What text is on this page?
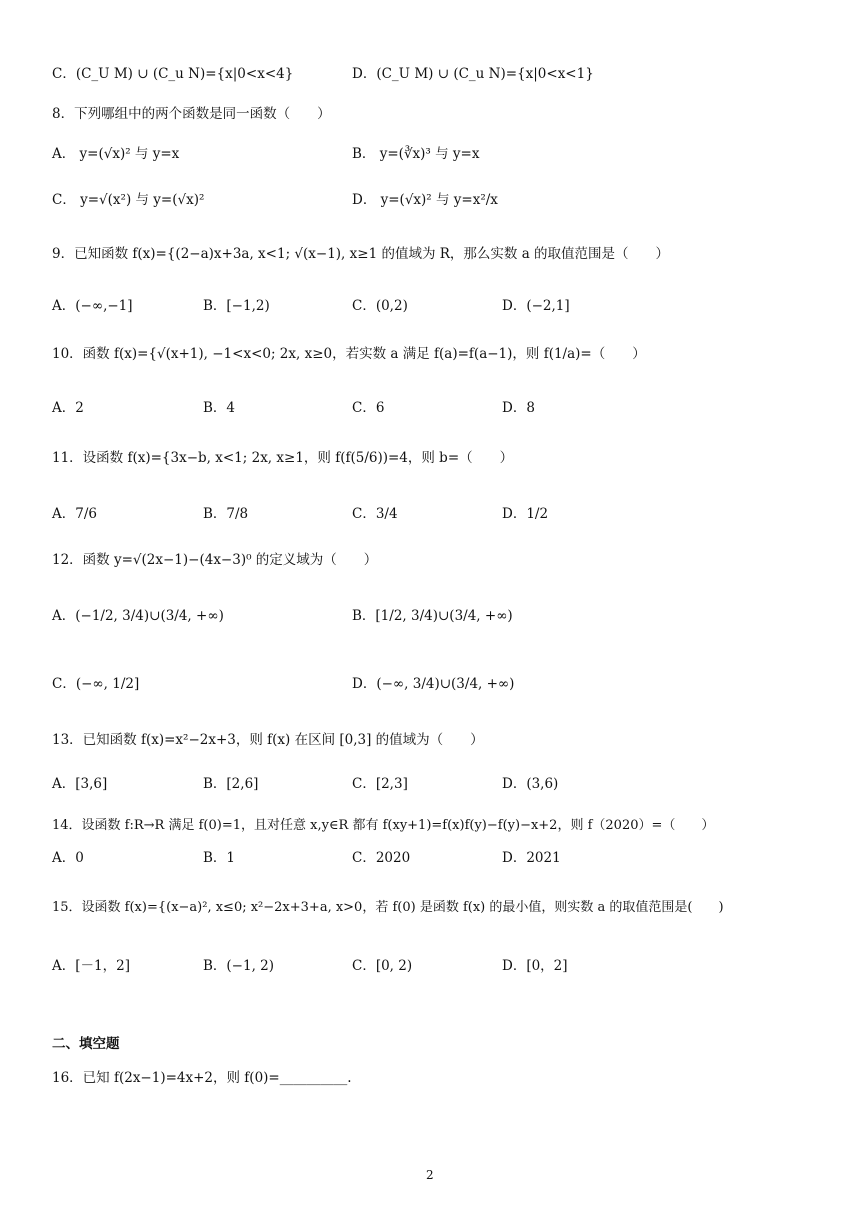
C．(C_U M) ∪ (C_u N)={x|0<x<4}	D．(C_U M) ∪ (C_u N)={x|0<x<1}
8．下列哪组中的两个函数是同一函数（　　）
A． y=(√x)² 与 y=x	B． y=(∛x)³ 与 y=x
C． y=√(x²) 与 y=(√x)²	D． y=(√x)² 与 y=x²/x
9．已知函数 f(x)={(2−a)x+3a, x<1; √(x−1), x≥1 的值域为 R，那么实数 a 的取值范围是（　　）
A．(−∞,−1]	B．[−1,2)	C．(0,2)	D．(−2,1]
10．函数 f(x)={√(x+1), −1<x<0; 2x, x≥0，若实数 a 满足 f(a)=f(a−1)，则 f(1/a)=（　　）
A．2	B．4	C．6	D．8
11．设函数 f(x)={3x−b, x<1; 2x, x≥1，则 f(f(5/6))=4，则 b=（　　）
A．7/6	B．7/8	C．3/4	D．1/2
12．函数 y=√(2x−1)−(4x−3)⁰ 的定义域为（　　）
A．(−1/2, 3/4)∪(3/4, +∞)	B．[1/2, 3/4)∪(3/4, +∞)
C．(−∞, 1/2]	D．(−∞, 3/4)∪(3/4, +∞)
13．已知函数 f(x)=x²−2x+3，则 f(x) 在区间 [0,3] 的值域为（　　）
A．[3,6]	B．[2,6]	C．[2,3]	D．(3,6)
14．设函数 f:R→R 满足 f(0)=1，且对任意 x,y∈R 都有 f(xy+1)=f(x)f(y)−f(y)−x+2，则 f（2020）=（　　）
A．0	B．1	C．2020	D．2021
15．设函数 f(x)={(x−a)², x≤0; x²−2x+3+a, x>0，若 f(0) 是函数 f(x) 的最小值，则实数 a 的取值范围是(　　)
A．[－1，2]	B．(−1, 2)	C．[0, 2)	D．[0，2]
二、填空题
16．已知 f(2x−1)=4x+2，则 f(0)=__________.
2
